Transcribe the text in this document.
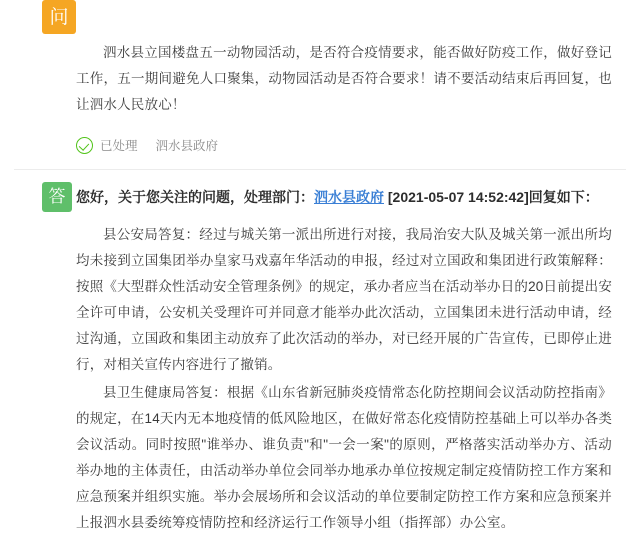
问

泗水县立国楼盘五一动物园活动，是否符合疫情要求，能否做好防疫工作，做好登记工作，五一期间避免人口聚集，动物园活动是否符合要求！请不要活动结束后再回复，也让泗水人民放心！

已处理 泗水县政府
答 您好，关于您关注的问题，处理部门：泗水县政府 [2021-05-07 14:52:42]回复如下：

县公安局答复：经过与城关第一派出所进行对接，我局治安大队及城关第一派出所均均未接到立国集团举办皇家马戏嘉年华活动的申报，经过对立国政和集团进行政策解释：按照《大型群众性活动安全管理条例》的规定，承办者应当在活动举办日的20日前提出安全许可申请，公安机关受理许可并同意才能举办此次活动，立国集团未进行活动申请，经过沟通，立国政和集团主动放弃了此次活动的举办，对已经开展的广告宣传，已即停止进行，对相关宣传内容进行了撤销。

县卫生健康局答复：根据《山东省新冠肺炎疫情常态化防控期间会议活动防控指南》的规定，在14天内无本地疫情的低风险地区，在做好常态化疫情防控基础上可以举办各类会议活动。同时按照"谁举办、谁负责"和"一会一案"的原则，严格落实活动举办方、活动举办地的主体责任，由活动举办单位会同举办地承办单位按规定制定疫情防控工作方案和应急预案并组织实施。举办会展场所和会议活动的单位要制定防控工作方案和应急预案并上报泗水县委统筹疫情防控和经济运行工作领导小组（指挥部）办公室。
